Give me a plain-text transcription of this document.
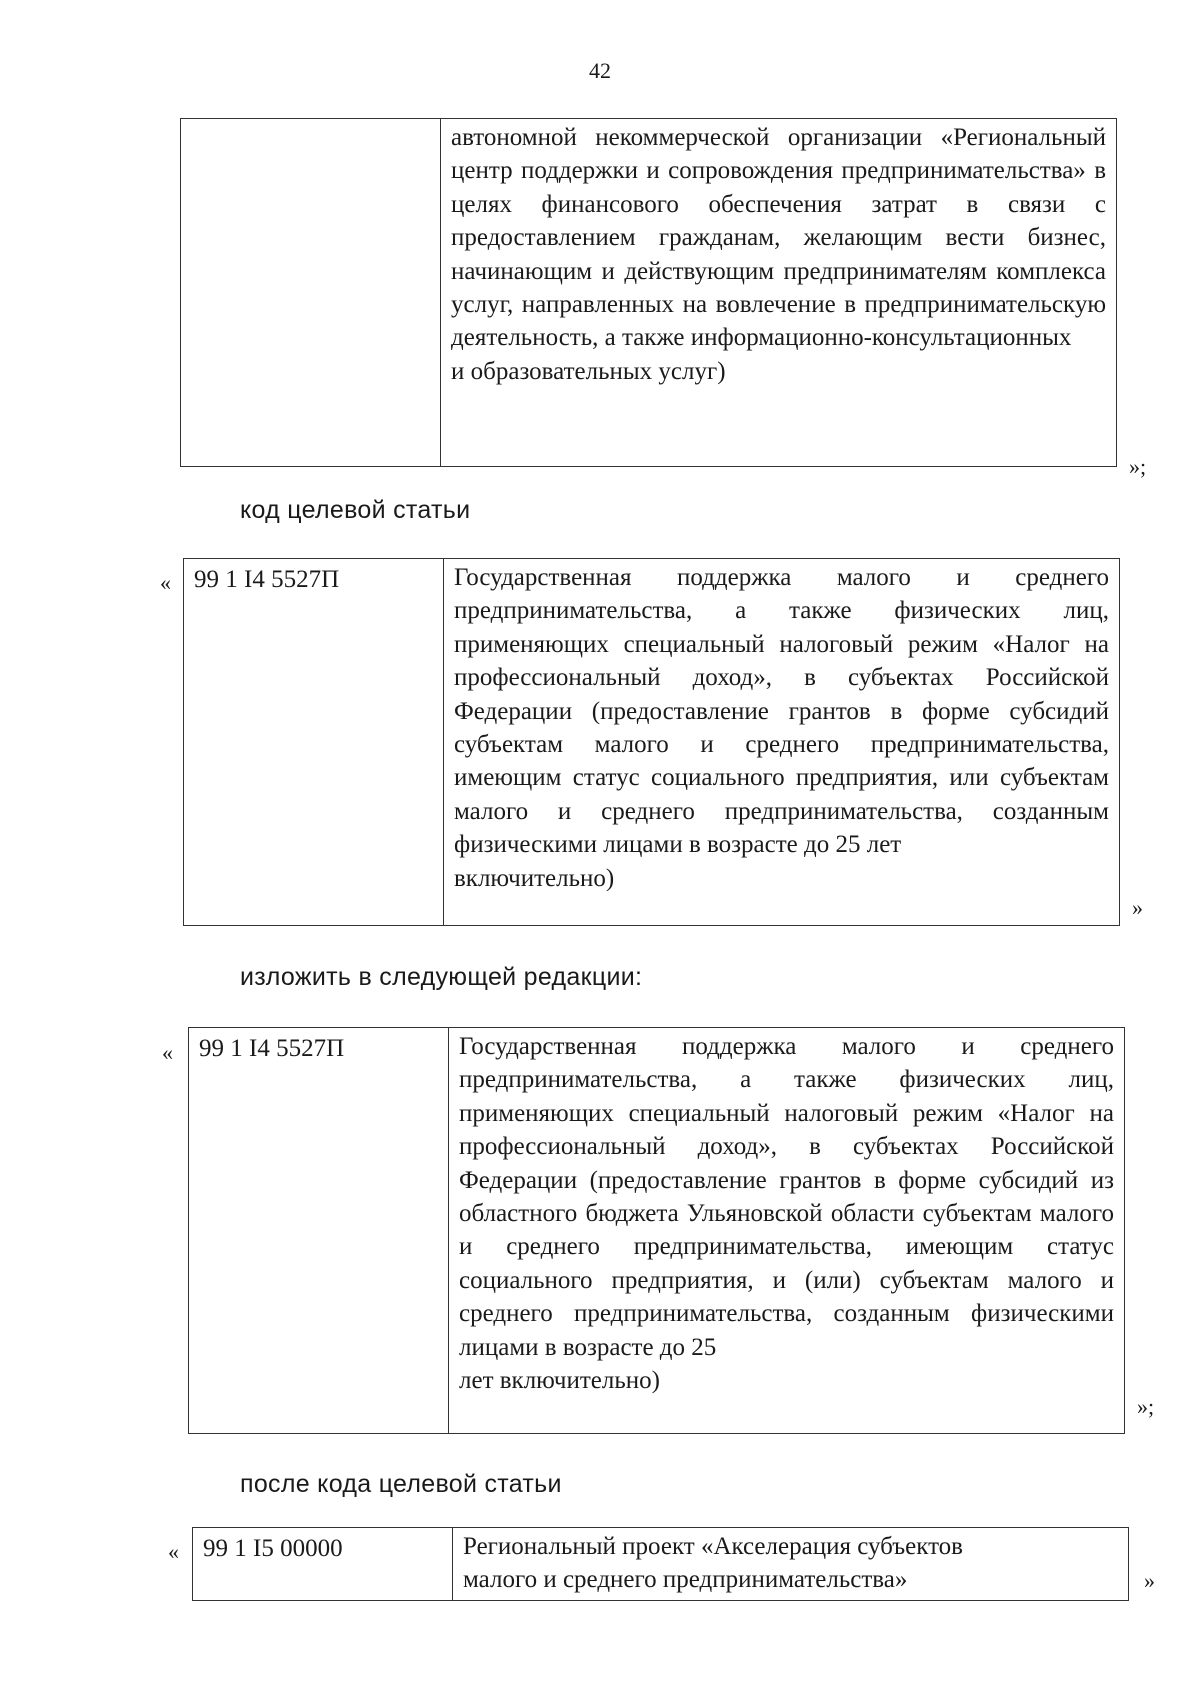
42

автономной некоммерческой организации «Региональный центр поддержки и сопровождения предпринимательства» в целях финансового обеспечения затрат в связи с предоставлением гражданам, желающим вести бизнес, начинающим и действующим предпринимателям комплекса услуг, направленных на вовлечение в предпринимательскую деятельность, а также информационно-консультационных
и образовательных услуг)
»;
код целевой статьи
« 99 1 I4 5527П	Государственная поддержка малого и среднего предпринимательства, а также физических лиц, применяющих специальный налоговый режим «Налог на профессиональный доход», в субъектах Российской Федерации (предоставление грантов в форме субсидий субъектам малого и среднего предпринимательства, имеющим статус социального предприятия, или субъектам малого и среднего предпринимательства, созданным физическими лицами в возрасте до 25 лет
включительно)
»
изложить в следующей редакции:
« 99 1 I4 5527П	Государственная поддержка малого и среднего предпринимательства, а также физических лиц, применяющих специальный налоговый режим «Налог на профессиональный доход», в субъектах Российской Федерации (предоставление грантов в форме субсидий из областного бюджета Ульяновской области субъектам малого и среднего предпринимательства, имеющим статус социального предприятия, и (или) субъектам малого и среднего предпринимательства, созданным физическими лицами в возрасте до 25
лет включительно)
»;
после кода целевой статьи
« 99 1 I5 00000	Региональный проект «Акселерация субъектов
малого и среднего предпринимательства»	»
